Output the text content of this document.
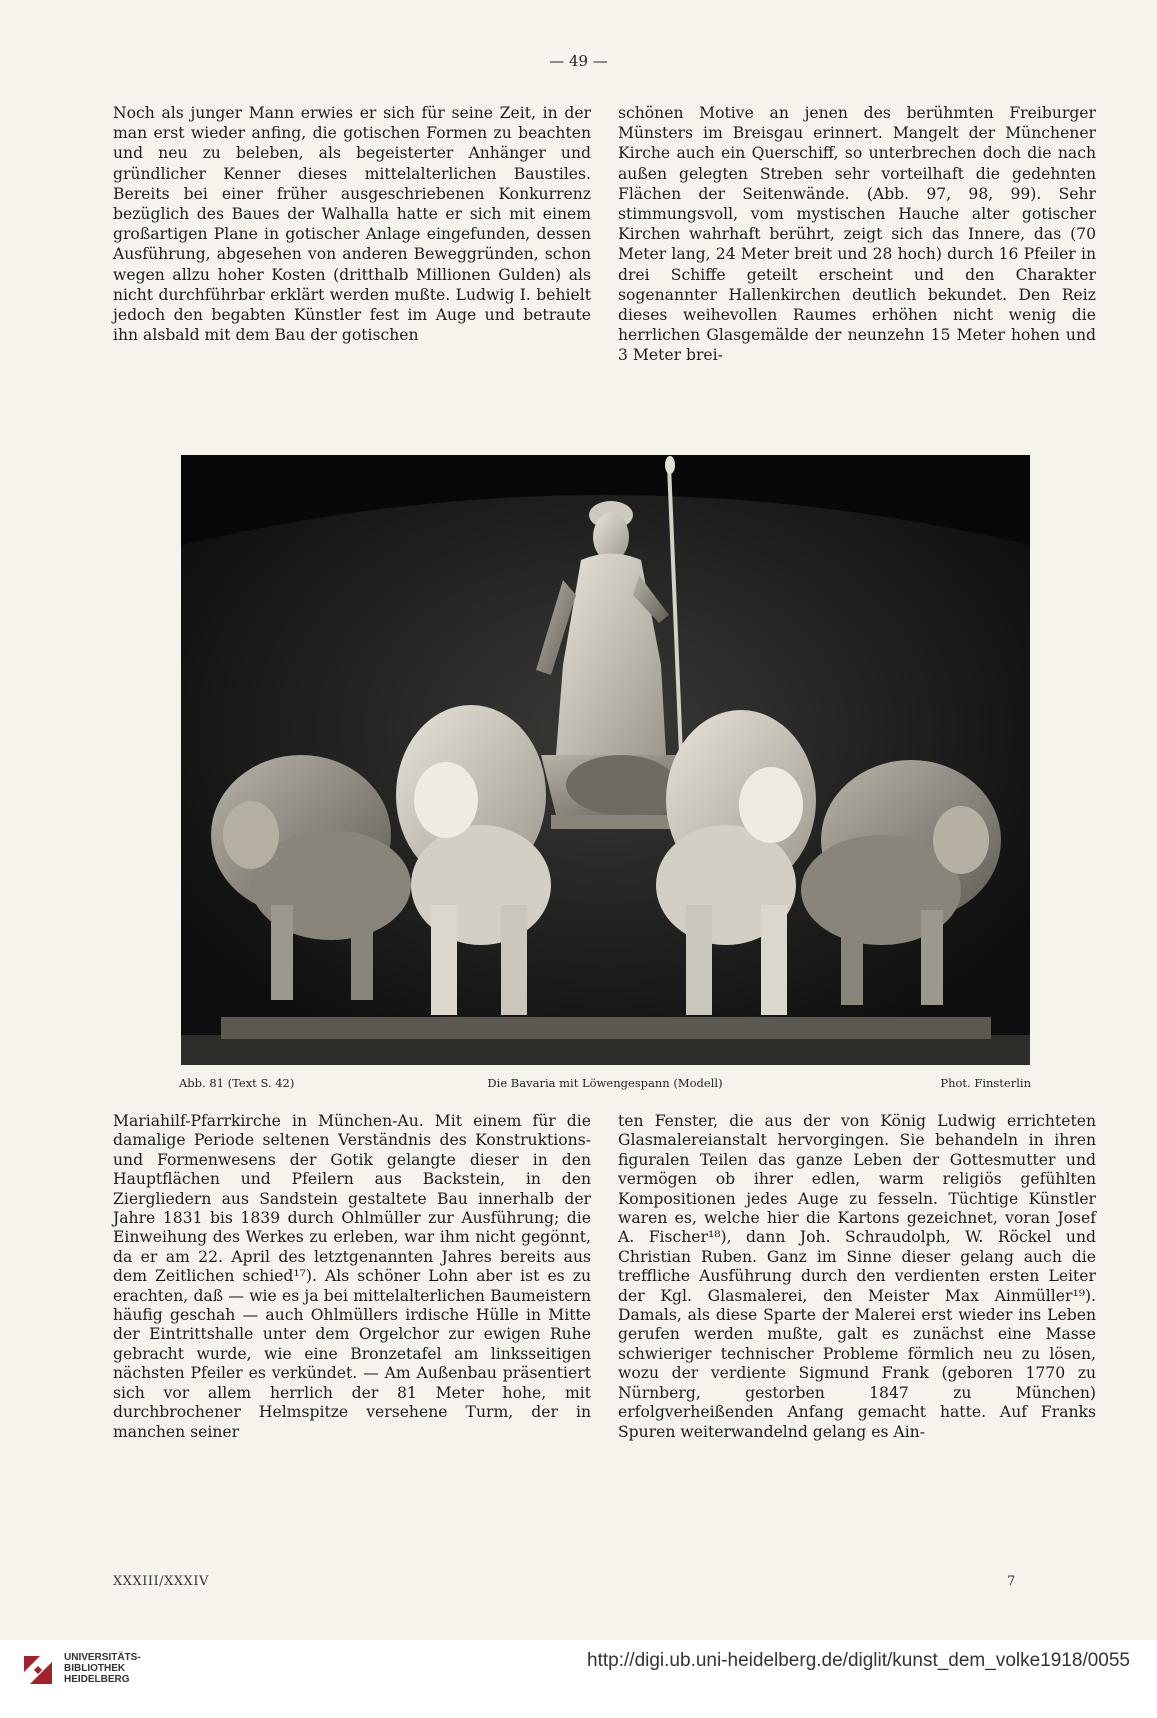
— 49 —

Noch als junger Mann erwies er sich für seine Zeit, in der man erst wieder anfing, die gotischen Formen zu beachten und neu zu beleben, als begeisterter Anhänger und gründlicher Kenner dieses mittelalterlichen Baustiles. Bereits bei einer früher ausgeschriebenen Konkurrenz bezüglich des Baues der Walhalla hatte er sich mit einem großartigen Plane in gotischer Anlage eingefunden, dessen Ausführung, abgesehen von anderen Beweggründen, schon wegen allzu hoher Kosten (dritthalb Millionen Gulden) als nicht durchführbar erklärt werden mußte. Ludwig I. behielt jedoch den begabten Künstler fest im Auge und betraute ihn alsbald mit dem Bau der gotischen

schönen Motive an jenen des berühmten Freiburger Münsters im Breisgau erinnert. Mangelt der Münchener Kirche auch ein Querschiff, so unterbrechen doch die nach außen gelegten Streben sehr vorteilhaft die gedehnten Flächen der Seitenwände. (Abb. 97, 98, 99). Sehr stimmungsvoll, vom mystischen Hauche alter gotischer Kirchen wahrhaft berührt, zeigt sich das Innere, das (70 Meter lang, 24 Meter breit und 28 hoch) durch 16 Pfeiler in drei Schiffe geteilt erscheint und den Charakter sogenannter Hallenkirchen deutlich bekundet. Den Reiz dieses weihevollen Raumes erhöhen nicht wenig die herrlichen Glasgemälde der neunzehn 15 Meter hohen und 3 Meter brei-

Die Bavaria mit Löwengespann (Modell)
Abb. 81 (Text S. 42)	Phot. Finsterlin

Mariahilf-Pfarrkirche in München-Au. Mit einem für die damalige Periode seltenen Verständnis des Konstruktions- und Formenwesens der Gotik gelangte dieser in den Hauptflächen und Pfeilern aus Backstein, in den Ziergliedern aus Sandstein gestaltete Bau innerhalb der Jahre 1831 bis 1839 durch Ohlmüller zur Ausführung; die Einweihung des Werkes zu erleben, war ihm nicht gegönnt, da er am 22. April des letztgenannten Jahres bereits aus dem Zeitlichen schied¹⁷). Als schöner Lohn aber ist es zu erachten, daß — wie es ja bei mittelalterlichen Baumeistern häufig geschah — auch Ohlmüllers irdische Hülle in Mitte der Eintrittshalle unter dem Orgelchor zur ewigen Ruhe gebracht wurde, wie eine Bronzetafel am linksseitigen nächsten Pfeiler es verkündet. — Am Außenbau präsentiert sich vor allem herrlich der 81 Meter hohe, mit durchbrochener Helmspitze versehene Turm, der in manchen seiner

ten Fenster, die aus der von König Ludwig errichteten Glasmalereianstalt hervorgingen. Sie behandeln in ihren figuralen Teilen das ganze Leben der Gottesmutter und vermögen ob ihrer edlen, warm religiös gefühlten Kompositionen jedes Auge zu fesseln. Tüchtige Künstler waren es, welche hier die Kartons gezeichnet, voran Josef A. Fischer¹⁸), dann Joh. Schraudolph, W. Röckel und Christian Ruben. Ganz im Sinne dieser gelang auch die treffliche Ausführung durch den verdienten ersten Leiter der Kgl. Glasmalerei, den Meister Max Ainmüller¹⁹). Damals, als diese Sparte der Malerei erst wieder ins Leben gerufen werden mußte, galt es zunächst eine Masse schwieriger technischer Probleme förmlich neu zu lösen, wozu der verdiente Sigmund Frank (geboren 1770 zu Nürnberg, gestorben 1847 zu München) erfolgverheißenden Anfang gemacht hatte. Auf Franks Spuren weiterwandelnd gelang es Ain-

XXXIII/XXXIV	7
UNIVERSITÄTS-
BIBLIOTHEK
HEIDELBERG
http://digi.ub.uni-heidelberg.de/diglit/kunst_dem_volke1918/0055
